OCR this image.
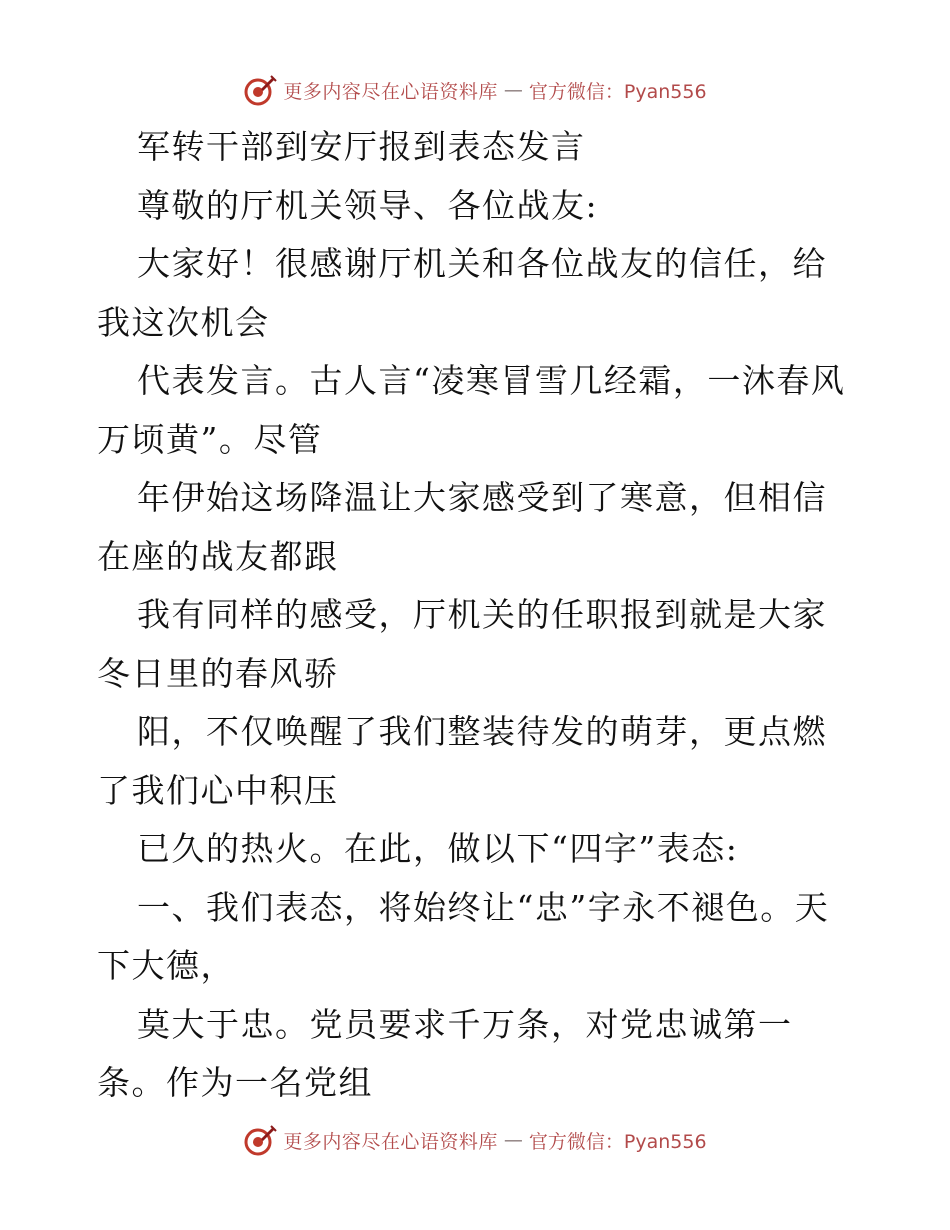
更多内容尽在心语资料库 — 官方微信：Pyan556

军转干部到安厅报到表态发言

尊敬的厅机关领导、各位战友:

大家好！很感谢厅机关和各位战友的信任，给我这次机会

代表发言。古人言“凌寒冒雪几经霜，一沐春风万顷黄”。尽管

年伊始这场降温让大家感受到了寒意，但相信在座的战友都跟

我有同样的感受，厅机关的任职报到就是大家冬日里的春风骄

阳，不仅唤醒了我们整装待发的萌芽，更点燃了我们心中积压

已久的热火。在此，做以下“四字”表态:

一、我们表态，将始终让“忠”字永不褪色。天下大德，

莫大于忠。党员要求千万条，对党忠诚第一条。作为一名党组

更多内容尽在心语资料库 — 官方微信：Pyan556
